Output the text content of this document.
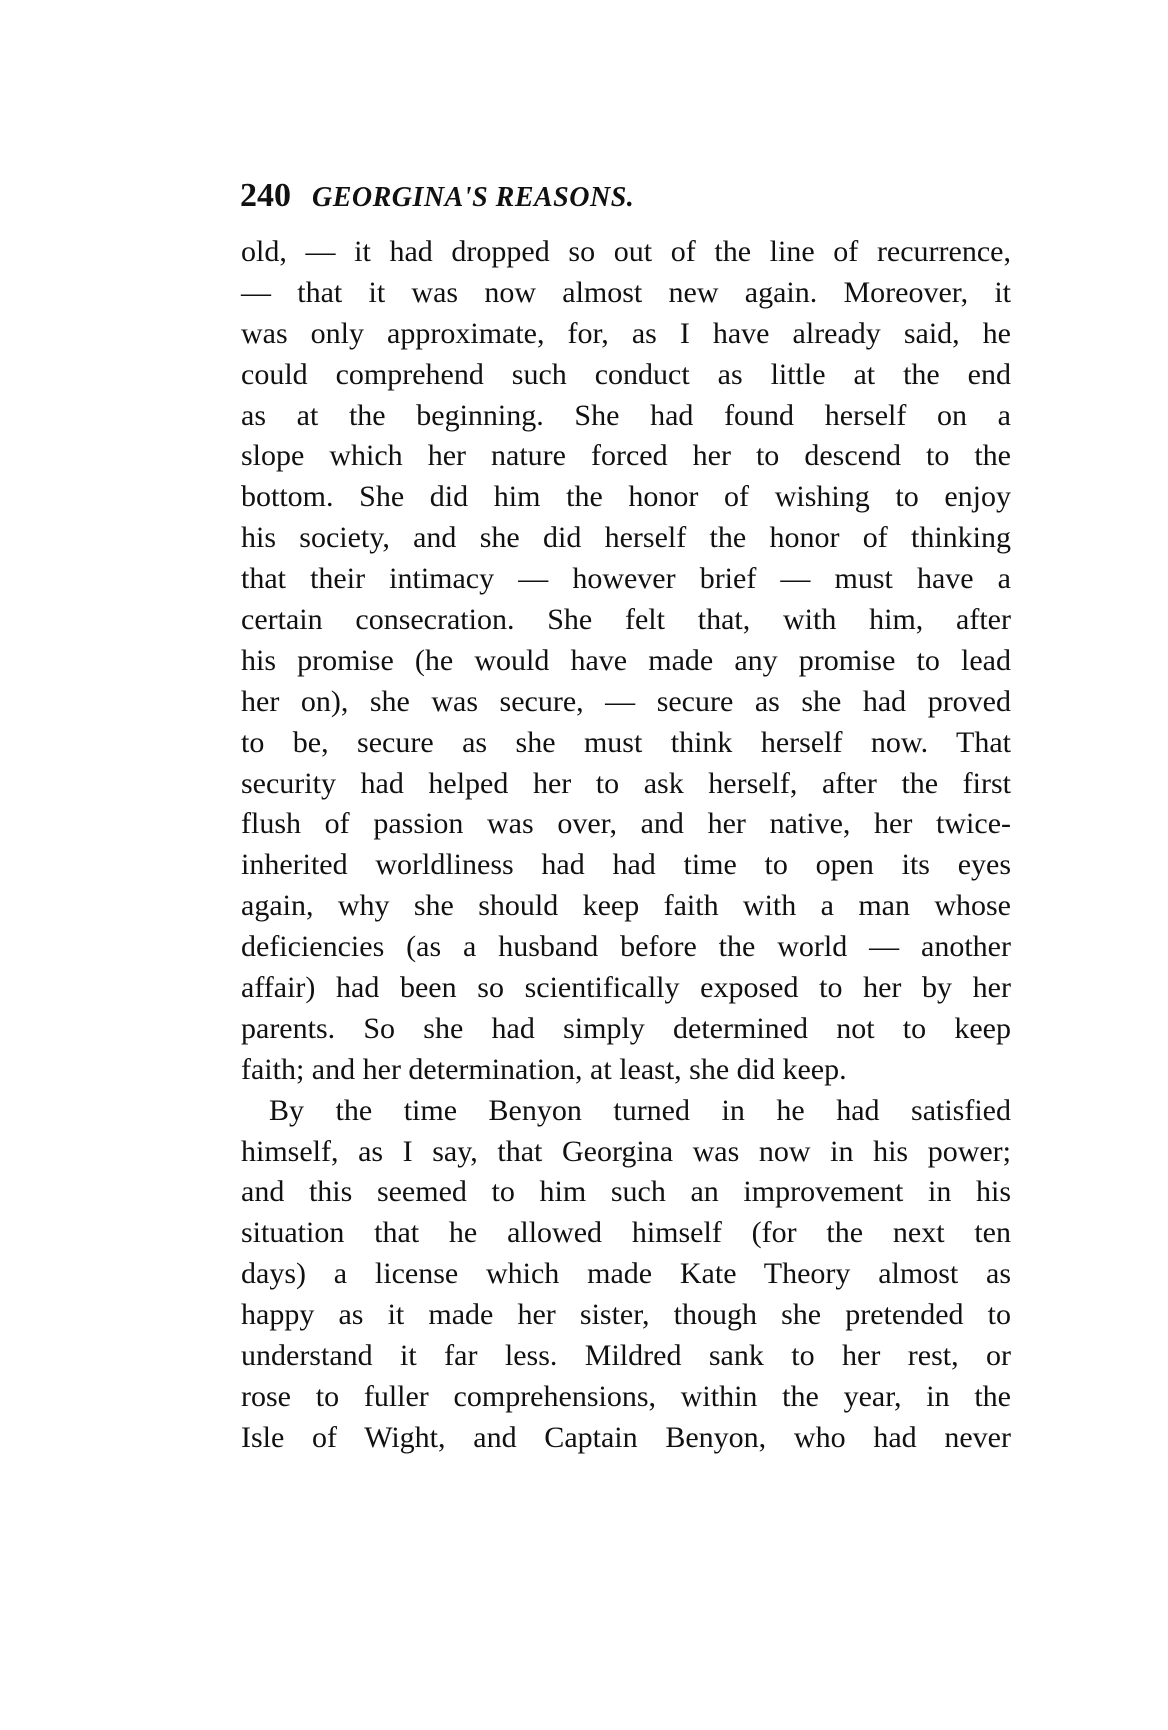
240 GEORGINA'S REASONS.
old, — it had dropped so out of the line of recurrence,
— that it was now almost new again. Moreover, it
was only approximate, for, as I have already said, he
could comprehend such conduct as little at the end
as at the beginning. She had found herself on a
slope which her nature forced her to descend to the
bottom. She did him the honor of wishing to enjoy
his society, and she did herself the honor of thinking
that their intimacy — however brief — must have a
certain consecration. She felt that, with him, after
his promise (he would have made any promise to lead
her on), she was secure, — secure as she had proved
to be, secure as she must think herself now. That
security had helped her to ask herself, after the first
flush of passion was over, and her native, her twice-
inherited worldliness had had time to open its eyes
again, why she should keep faith with a man whose
deficiencies (as a husband before the world — another
affair) had been so scientifically exposed to her by her
parents. So she had simply determined not to keep
faith; and her determination, at least, she did keep.
By the time Benyon turned in he had satisfied
himself, as I say, that Georgina was now in his power;
and this seemed to him such an improvement in his
situation that he allowed himself (for the next ten
days) a license which made Kate Theory almost as
happy as it made her sister, though she pretended to
understand it far less. Mildred sank to her rest, or
rose to fuller comprehensions, within the year, in the
Isle of Wight, and Captain Benyon, who had never
